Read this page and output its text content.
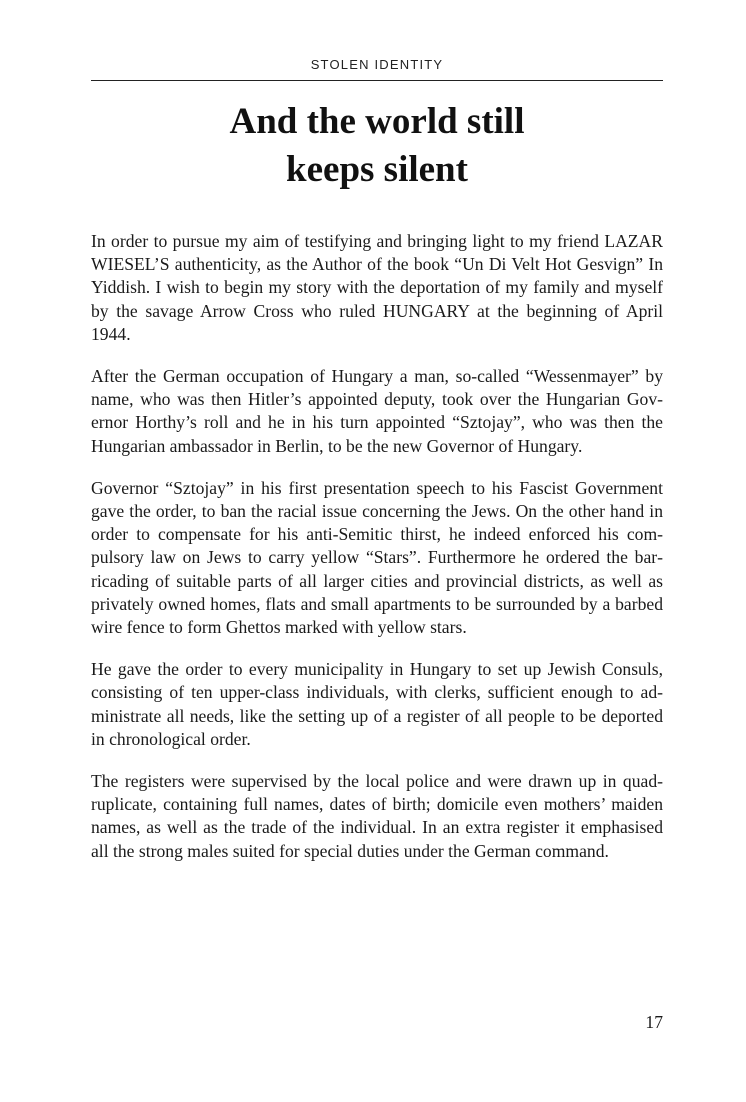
STOLEN IDENTITY
And the world still
keeps silent

In order to pursue my aim of testifying and bringing light to my friend LAZAR WIESEL’S authenticity, as the Author of the book “Un Di Velt Hot Gesvign” In Yiddish. I wish to begin my story with the deportation of my family and myself by the savage Arrow Cross who ruled HUNGARY at the beginning of April 1944.

After the German occupation of Hungary a man, so-called “Wessenmayer” by name, who was then Hitler’s appointed deputy, took over the Hungarian Governor Horthy’s roll and he in his turn appointed “Sztojay”, who was then the Hungarian ambassador in Berlin, to be the new Governor of Hungary.

Governor “Sztojay” in his first presentation speech to his Fascist Government gave the order, to ban the racial issue concerning the Jews. On the other hand in order to compensate for his anti-Semitic thirst, he indeed enforced his compulsory law on Jews to carry yellow “Stars”. Furthermore he ordered the barricading of suitable parts of all larger cities and provincial districts, as well as privately owned homes, flats and small apartments to be surrounded by a barbed wire fence to form Ghettos marked with yellow stars.

He gave the order to every municipality in Hungary to set up Jewish Consuls, consisting of ten upper-class individuals, with clerks, sufficient enough to administrate all needs, like the setting up of a register of all people to be deported in chronological order.

The registers were supervised by the local police and were drawn up in quadruplicate, containing full names, dates of birth; domicile even mothers’ maiden names, as well as the trade of the individual. In an extra register it emphasised all the strong males suited for special duties under the German command.

17
